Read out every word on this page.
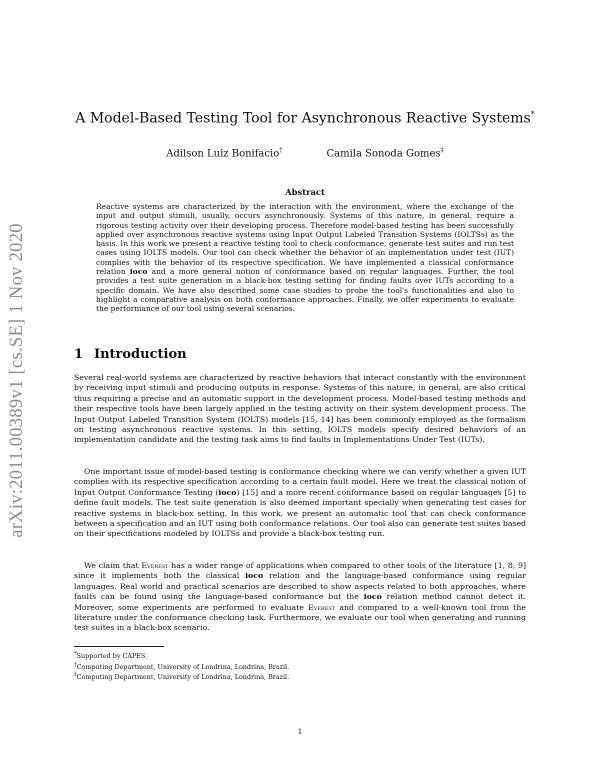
arXiv:2011.00389v1 [cs.SE] 1 Nov 2020
A Model-Based Testing Tool for Asynchronous Reactive Systems*
Adilson Luiz Bonifacio†	Camila Sonoda Gomes‡
Abstract

Reactive systems are characterized by the interaction with the environment, where the exchange of the input and output stimuli, usually, occurs asynchronously. Systems of this nature, in general, require a rigorous testing activity over their developing process. Therefore model-based testing has been successfully applied over asynchronous reactive systems using Input Output Labeled Transition Systems (IOLTSs) as the basis. In this work we present a reactive testing tool to check conformance, generate test suites and run test cases using IOLTS models. Our tool can check whether the behavior of an implementation under test (IUT) complies with the behavior of its respective specification. We have implemented a classical conformance relation ioco and a more general notion of conformance based on regular languages. Further, the tool provides a test suite generation in a black-box testing setting for finding faults over IUTs according to a specific domain. We have also described some case studies to probe the tool's functionalities and also to highlight a comparative analysis on both conformance approaches. Finally, we offer experiments to evaluate the performance of our tool using several scenarios.

1 Introduction

Several real-world systems are characterized by reactive behaviors that interact constantly with the environment by receiving input stimuli and producing outputs in response. Systems of this nature, in general, are also critical thus requiring a precise and an automatic support in the development process. Model-based testing methods and their respective tools have been largely applied in the testing activity on their system development process. The Input Output Labeled Transition System (IOLTS) models [15, 14] has been commonly employed as the formalism on testing asynchronous reactive systems. In this setting, IOLTS models specify desired behaviors of an implementation candidate and the testing task aims to find faults in Implementations Under Test (IUTs).

One important issue of model-based testing is conformance checking where we can verify whether a given IUT complies with its respective specification according to a certain fault model. Here we treat the classical notion of Input Output Conformance Testing (ioco) [15] and a more recent conformance based on regular languages [5] to define fault models. The test suite generation is also deemed important specially when generating test cases for reactive systems in black-box setting. In this work, we present an automatic tool that can check conformance between a specification and an IUT using both conformance relations. Our tool also can generate test suites based on their specifications modeled by IOLTSs and provide a black-box testing run.

We claim that Everest has a wider range of applications when compared to other tools of the literature [1, 8, 9] since it implements both the classical ioco relation and the language-based conformance using regular languages. Real world and practical scenarios are described to show aspects related to both approaches, where faults can be found using the language-based conformance but the ioco relation method cannot detect it. Moreover, some experiments are performed to evaluate Everest and compared to a well-known tool from the literature under the conformance checking task. Furthermore, we evaluate our tool when generating and running test suites in a black-box scenario.

*Supported by CAPES.
†Computing Department, University of Londrina, Londrina, Brazil.
‡Computing Department, University of Londrina, Londrina, Brazil.
1
